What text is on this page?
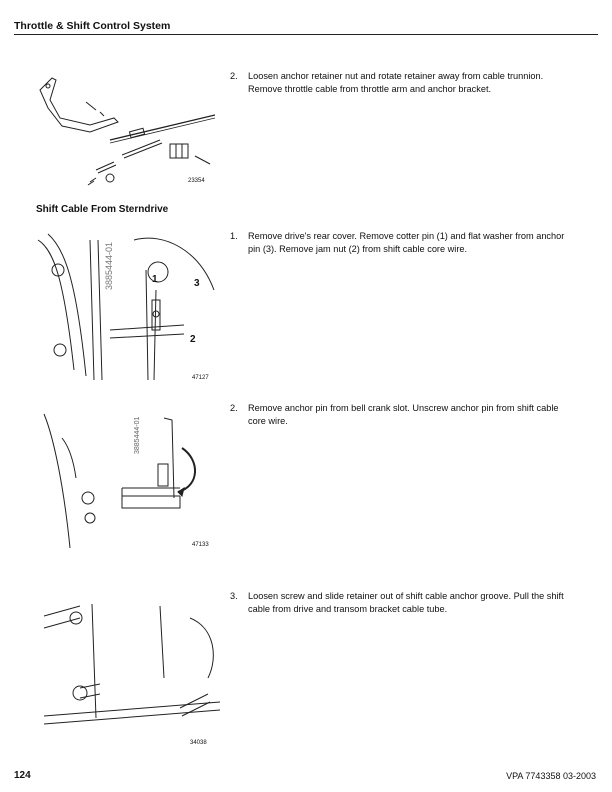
Throttle & Shift Control System
23354
2. Loosen anchor retainer nut and rotate retainer away from cable trunnion. Remove throttle cable from throttle arm and anchor bracket.
Shift Cable From Sterndrive
3885444-01	1	3
2
47127
1. Remove drive's rear cover. Remove cotter pin (1) and flat washer from anchor pin (3). Remove jam nut (2) from shift cable core wire.
3885444-01
47133
2. Remove anchor pin from bell crank slot. Unscrew anchor pin from shift cable core wire.
34038
3. Loosen screw and slide retainer out of shift cable anchor groove. Pull the shift cable from drive and transom bracket cable tube.
124	VPA 7743358 03-2003
